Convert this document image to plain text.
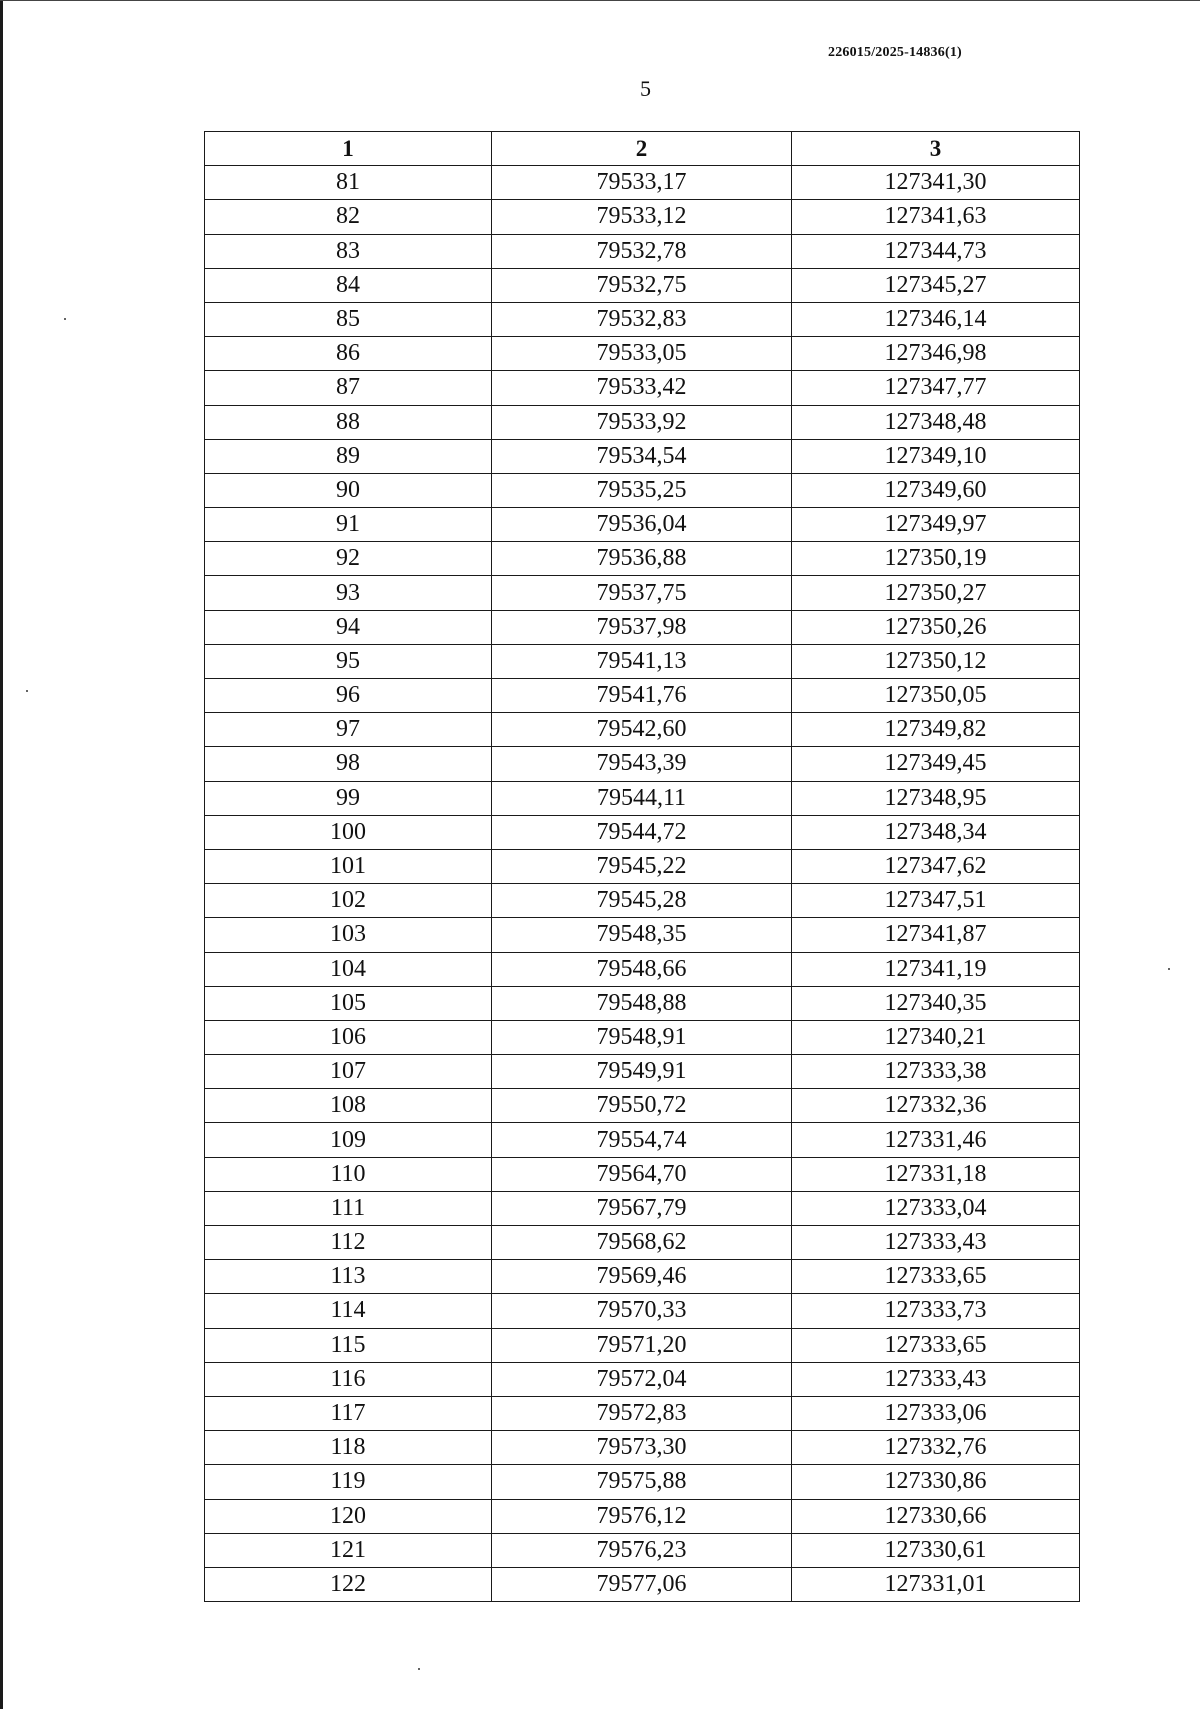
226015/2025-14836(1)
5
1	2	3
81	79533,17	127341,30
82	79533,12	127341,63
83	79532,78	127344,73
84	79532,75	127345,27
85	79532,83	127346,14
86	79533,05	127346,98
87	79533,42	127347,77
88	79533,92	127348,48
89	79534,54	127349,10
90	79535,25	127349,60
91	79536,04	127349,97
92	79536,88	127350,19
93	79537,75	127350,27
94	79537,98	127350,26
95	79541,13	127350,12
96	79541,76	127350,05
97	79542,60	127349,82
98	79543,39	127349,45
99	79544,11	127348,95
100	79544,72	127348,34
101	79545,22	127347,62
102	79545,28	127347,51
103	79548,35	127341,87
104	79548,66	127341,19
105	79548,88	127340,35
106	79548,91	127340,21
107	79549,91	127333,38
108	79550,72	127332,36
109	79554,74	127331,46
110	79564,70	127331,18
111	79567,79	127333,04
112	79568,62	127333,43
113	79569,46	127333,65
114	79570,33	127333,73
115	79571,20	127333,65
116	79572,04	127333,43
117	79572,83	127333,06
118	79573,30	127332,76
119	79575,88	127330,86
120	79576,12	127330,66
121	79576,23	127330,61
122	79577,06	127331,01
